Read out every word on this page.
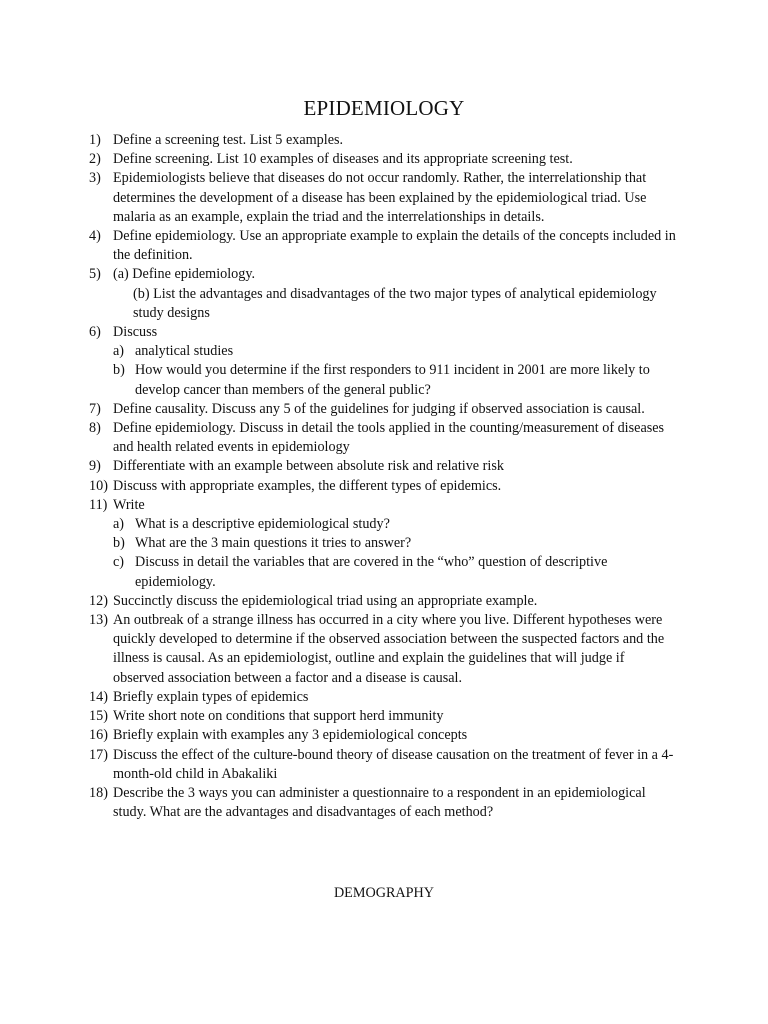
EPIDEMIOLOGY
1) Define a screening test. List 5 examples.
2) Define screening. List 10 examples of diseases and its appropriate screening test.
3) Epidemiologists believe that diseases do not occur randomly. Rather, the interrelationship that determines the development of a disease has been explained by the epidemiological triad. Use malaria as an example, explain the triad and the interrelationships in details.
4) Define epidemiology. Use an appropriate example to explain the details of the concepts included in the definition.
5) (a) Define epidemiology.
(b) List the advantages and disadvantages of the two major types of analytical epidemiology study designs
6) Discuss
a) analytical studies
b) How would you determine if the first responders to 911 incident in 2001 are more likely to develop cancer than members of the general public?
7) Define causality. Discuss any 5 of the guidelines for judging if observed association is causal.
8) Define epidemiology. Discuss in detail the tools applied in the counting/measurement of diseases and health related events in epidemiology
9) Differentiate with an example between absolute risk and relative risk
10) Discuss with appropriate examples, the different types of epidemics.
11) Write
a) What is a descriptive epidemiological study?
b) What are the 3 main questions it tries to answer?
c) Discuss in detail the variables that are covered in the “who” question of descriptive epidemiology.
12) Succinctly discuss the epidemiological triad using an appropriate example.
13) An outbreak of a strange illness has occurred in a city where you live. Different hypotheses were quickly developed to determine if the observed association between the suspected factors and the illness is causal. As an epidemiologist, outline and explain the guidelines that will judge if observed association between a factor and a disease is causal.
14) Briefly explain types of epidemics
15) Write short note on conditions that support herd immunity
16) Briefly explain with examples any 3 epidemiological concepts
17) Discuss the effect of the culture-bound theory of disease causation on the treatment of fever in a 4-month-old child in Abakaliki
18) Describe the 3 ways you can administer a questionnaire to a respondent in an epidemiological study. What are the advantages and disadvantages of each method?
DEMOGRAPHY
